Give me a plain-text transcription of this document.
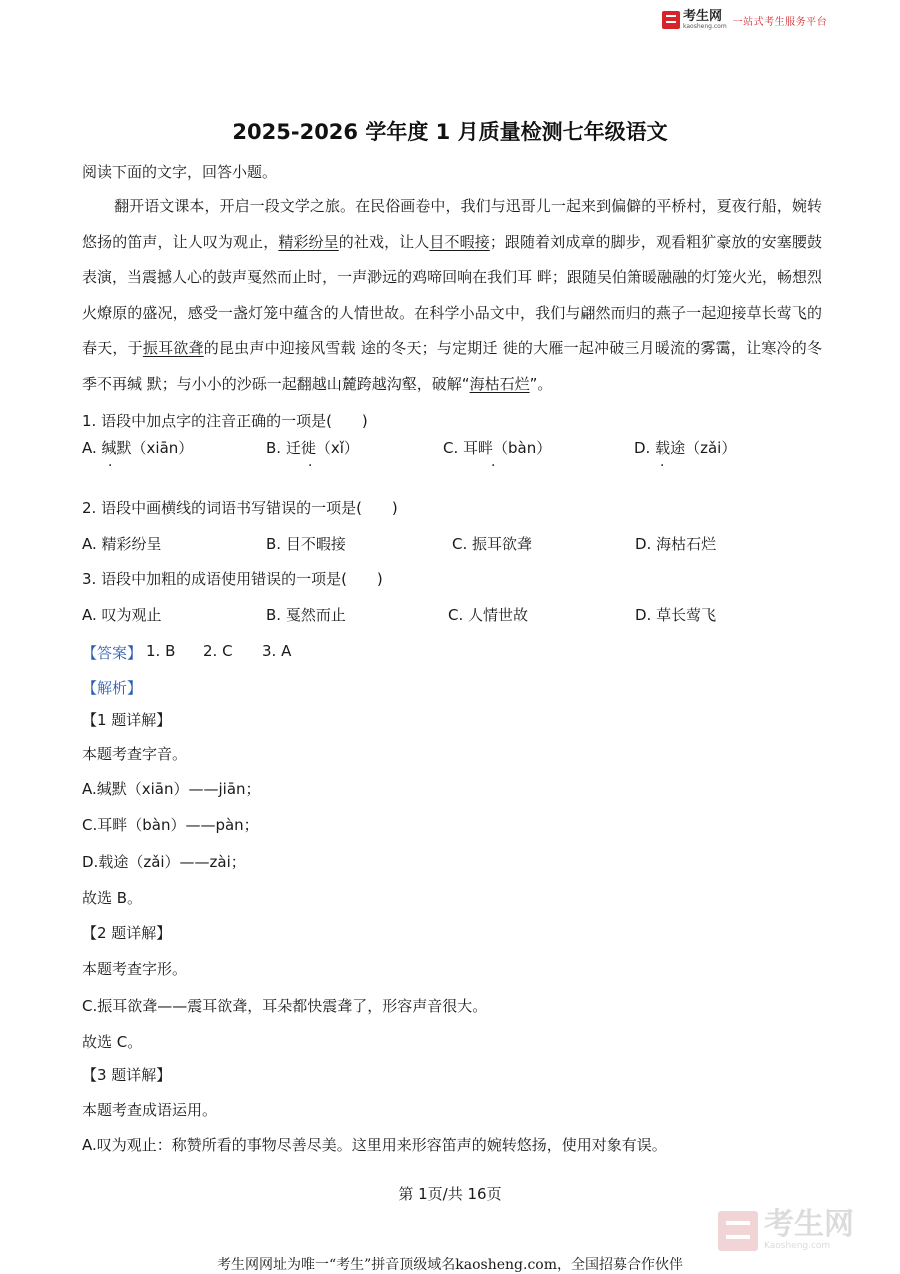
考生网
kaosheng.com 一站式考生服务平台
2025-2026 学年度 1 月质量检测七年级语文
阅读下面的文字，回答小题。
翻开语文课本，开启一段文学之旅。在民俗画卷中，我们与迅哥儿一起来到偏僻的平桥村，夏夜行船，婉转悠扬的笛声，让人叹为观止，精彩纷呈的社戏，让人目不暇接；跟随着刘成章的脚步，观看粗犷豪放的安塞腰鼓表演，当震撼人心的鼓声戛然而止时，一声渺远的鸡啼回响在我们耳 畔；跟随吴伯箫暖融融的灯笼火光，畅想烈火燎原的盛况，感受一盏灯笼中蕴含的人情世故。在科学小品文中，我们与翩然而归的燕子一起迎接草长莺飞的春天，于振耳欲聋的昆虫声中迎接风雪载 途的冬天；与定期迁 徙的大雁一起冲破三月暖流的雾霭，让寒冷的冬季不再缄 默；与小小的沙砾一起翻越山麓跨越沟壑，破解“海枯石烂”。
1. 语段中加点字的注音正确的一项是(　　)
A. 缄默（xiān）	B. 迁徙（xǐ）	C. 耳畔（bàn）	D. 载途（zǎi）
·	·	·	·
2. 语段中画横线的词语书写错误的一项是(　　)
A. 精彩纷呈	B. 目不暇接	C. 振耳欲聋	D. 海枯石烂
3. 语段中加粗的成语使用错误的一项是(　　)
A. 叹为观止	B. 戛然而止	C. 人情世故	D. 草长莺飞
【答案】 1. B 2. C 3. A
【解析】
【1 题详解】
本题考查字音。
A.缄默（xiān）——jiān；
C.耳畔（bàn）——pàn；
D.载途（zǎi）——zài；
故选 B。
【2 题详解】
本题考查字形。
C.振耳欲聋——震耳欲聋，耳朵都快震聋了，形容声音很大。
故选 C。
【3 题详解】
本题考查成语运用。
A.叹为观止：称赞所看的事物尽善尽美。这里用来形容笛声的婉转悠扬，使用对象有误。
第 1页/共 16页
考生网
Kaosheng.com
考生网网址为唯一“考生”拼音顶级域名kaosheng.com，全国招募合作伙伴
